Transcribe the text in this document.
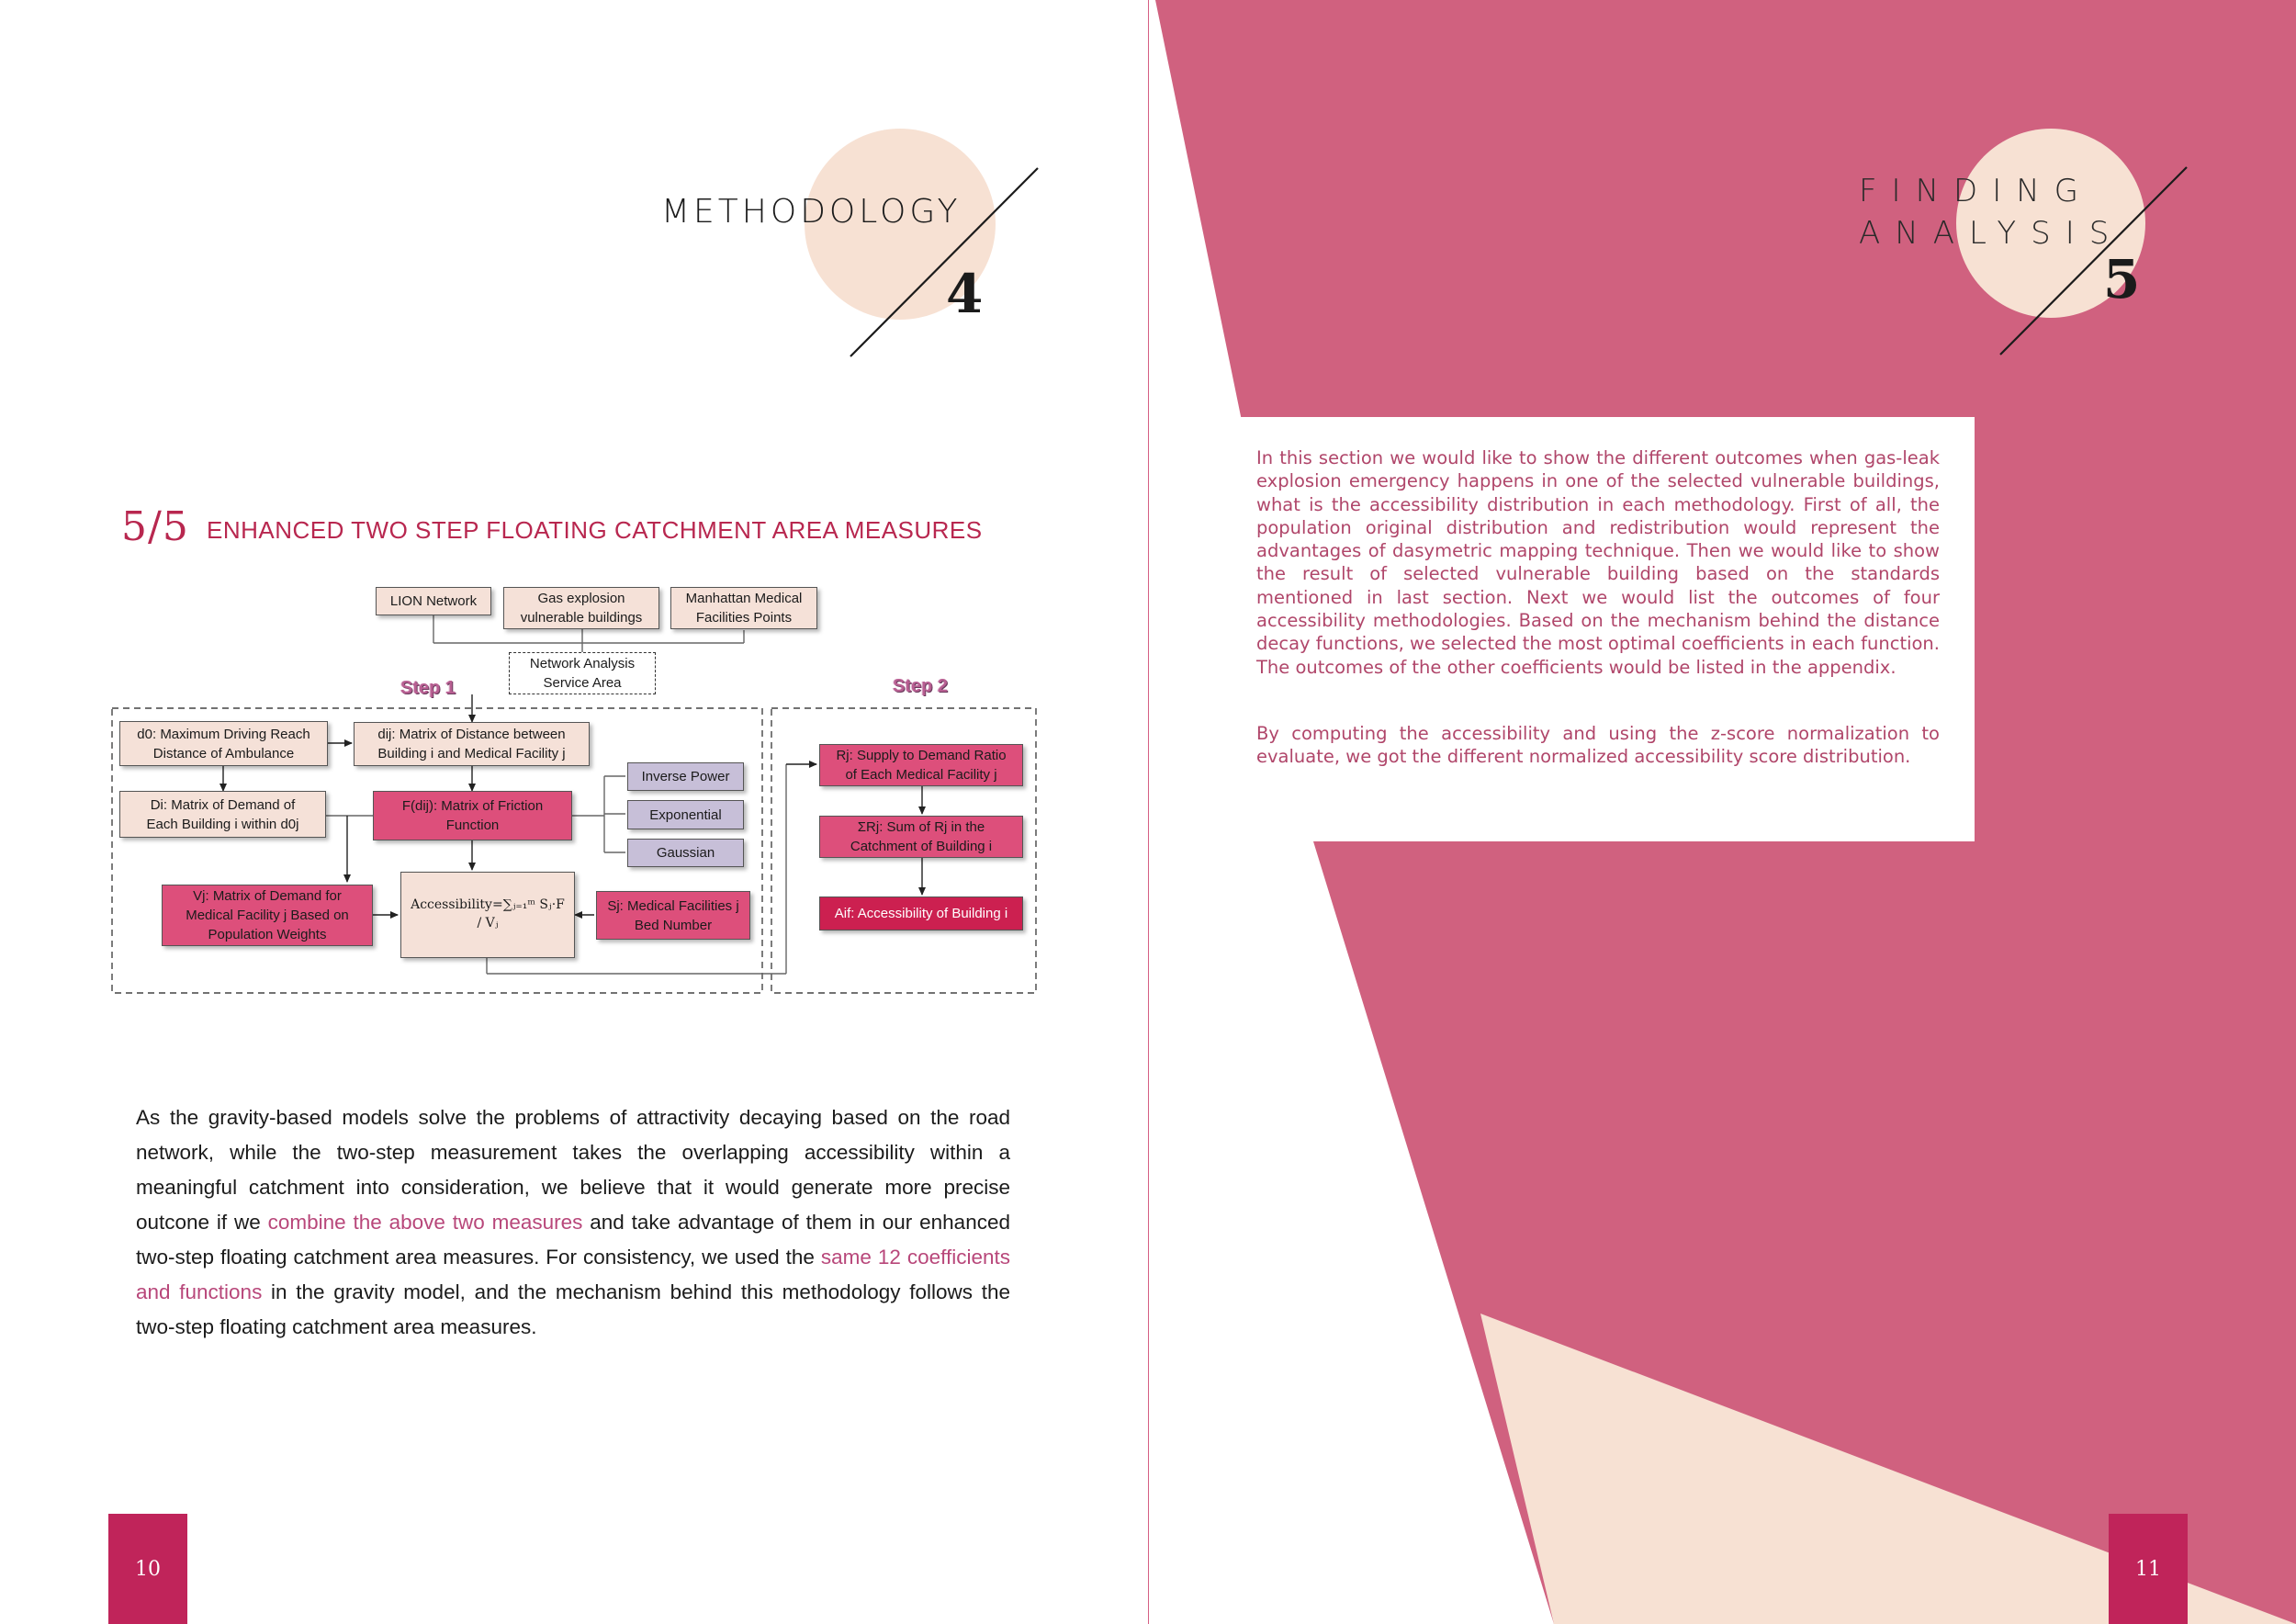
METHODOLOGY
4
5/5 ENHANCED TWO STEP FLOATING CATCHMENT AREA MEASURES
LION Network	Gas explosion
vulnerable buildings
Manhattan Medical
Facilities Points
Network Analysis
Service Area
Step 1	Step 2
d0: Maximum Driving Reach
Distance of Ambulance
dij: Matrix of Distance between
Building i and Medical Facility j
Inverse Power
Exponential
Gaussian
Di: Matrix of Demand of
Each Building i within d0j
F(dij): Matrix of Friction
Function
Vj: Matrix of Demand for
Medical Facility j Based on
Population Weights
Accessibility=∑ⱼ₌₁ᵐ Sⱼ·F / Vⱼ
Sj: Medical Facilities j
Bed Number
Rj: Supply to Demand Ratio
of Each Medical Facility j
ΣRj: Sum of Rj in the
Catchment of Building i
Aif: Accessibility of Building i

As the gravity-based models solve the problems of attractivity decaying based on the road network, while the two-step measurement takes the overlapping accessibility within a meaningful catchment into consideration, we believe that it would generate more precise outcone if we combine the above two measures and take advantage of them in our enhanced two-step floating catchment area measures. For consistency, we used the same 12 coefficients and functions in the gravity model, and the mechanism behind this methodology follows the two-step floating catchment area measures.

10
FINDING
ANALYSIS
5
11

In this section we would like to show the different outcomes when gas-leak explosion emergency happens in one of the selected vulnerable buildings, what is the accessibility distribution in each methodology. First of all, the population original distribution and redistribution would represent the advantages of dasymetric mapping technique. Then we would like to show the result of selected vulnerable building based on the standards mentioned in last section. Next we would list the outcomes of four accessibility methodologies. Based on the mechanism behind the distance decay functions, we selected the most optimal coefficients in each function. The outcomes of the other coefficients would be listed in the appendix.

By computing the accessibility and using the z-score normalization to evaluate, we got the different normalized accessibility score distribution.
